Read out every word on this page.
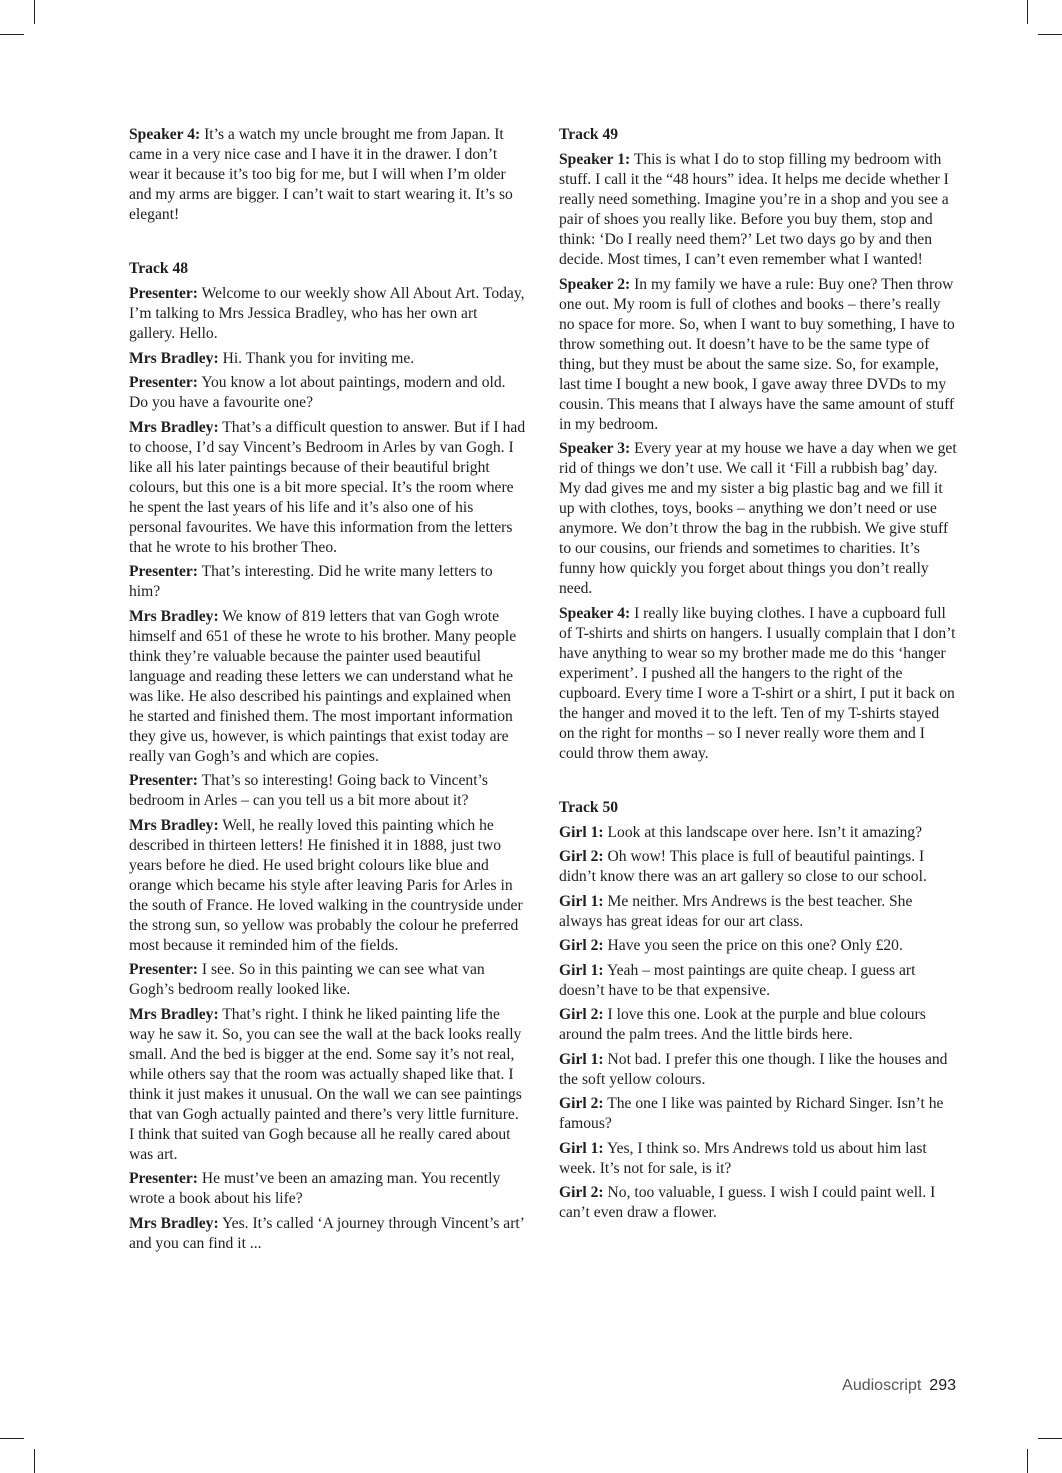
Speaker 4: It’s a watch my uncle brought me from Japan. It came in a very nice case and I have it in the drawer. I don’t wear it because it’s too big for me, but I will when I’m older and my arms are bigger. I can’t wait to start wearing it. It’s so elegant!

Track 48

Presenter: Welcome to our weekly show All About Art. Today, I’m talking to Mrs Jessica Bradley, who has her own art gallery. Hello.

Mrs Bradley: Hi. Thank you for inviting me.

Presenter: You know a lot about paintings, modern and old. Do you have a favourite one?

Mrs Bradley: That’s a difficult question to answer. But if I had to choose, I’d say Vincent’s Bedroom in Arles by van Gogh. I like all his later paintings because of their beautiful bright colours, but this one is a bit more special. It’s the room where he spent the last years of his life and it’s also one of his personal favourites. We have this information from the letters that he wrote to his brother Theo.

Presenter: That’s interesting. Did he write many letters to him?

Mrs Bradley: We know of 819 letters that van Gogh wrote himself and 651 of these he wrote to his brother. Many people think they’re valuable because the painter used beautiful language and reading these letters we can understand what he was like. He also described his paintings and explained when he started and finished them. The most important information they give us, however, is which paintings that exist today are really van Gogh’s and which are copies.

Presenter: That’s so interesting! Going back to Vincent’s bedroom in Arles – can you tell us a bit more about it?

Mrs Bradley: Well, he really loved this painting which he described in thirteen letters! He finished it in 1888, just two years before he died. He used bright colours like blue and orange which became his style after leaving Paris for Arles in the south of France. He loved walking in the countryside under the strong sun, so yellow was probably the colour he preferred most because it reminded him of the fields.

Presenter: I see. So in this painting we can see what van Gogh’s bedroom really looked like.

Mrs Bradley: That’s right. I think he liked painting life the way he saw it. So, you can see the wall at the back looks really small. And the bed is bigger at the end. Some say it’s not real, while others say that the room was actually shaped like that. I think it just makes it unusual. On the wall we can see paintings that van Gogh actually painted and there’s very little furniture. I think that suited van Gogh because all he really cared about was art.

Presenter: He must’ve been an amazing man. You recently wrote a book about his life?

Mrs Bradley: Yes. It’s called ‘A journey through Vincent’s art’ and you can find it ...

Track 49

Speaker 1: This is what I do to stop filling my bedroom with stuff. I call it the “48 hours” idea. It helps me decide whether I really need something. Imagine you’re in a shop and you see a pair of shoes you really like. Before you buy them, stop and think: ‘Do I really need them?’ Let two days go by and then decide. Most times, I can’t even remember what I wanted!

Speaker 2: In my family we have a rule: Buy one? Then throw one out. My room is full of clothes and books – there’s really no space for more. So, when I want to buy something, I have to throw something out. It doesn’t have to be the same type of thing, but they must be about the same size. So, for example, last time I bought a new book, I gave away three DVDs to my cousin. This means that I always have the same amount of stuff in my bedroom.

Speaker 3: Every year at my house we have a day when we get rid of things we don’t use. We call it ‘Fill a rubbish bag’ day. My dad gives me and my sister a big plastic bag and we fill it up with clothes, toys, books – anything we don’t need or use anymore. We don’t throw the bag in the rubbish. We give stuff to our cousins, our friends and sometimes to charities. It’s funny how quickly you forget about things you don’t really need.

Speaker 4: I really like buying clothes. I have a cupboard full of T-shirts and shirts on hangers. I usually complain that I don’t have anything to wear so my brother made me do this ‘hanger experiment’. I pushed all the hangers to the right of the cupboard. Every time I wore a T-shirt or a shirt, I put it back on the hanger and moved it to the left. Ten of my T-shirts stayed on the right for months – so I never really wore them and I could throw them away.

Track 50

Girl 1: Look at this landscape over here. Isn’t it amazing?

Girl 2: Oh wow! This place is full of beautiful paintings. I didn’t know there was an art gallery so close to our school.

Girl 1: Me neither. Mrs Andrews is the best teacher. She always has great ideas for our art class.

Girl 2: Have you seen the price on this one? Only £20.

Girl 1: Yeah – most paintings are quite cheap. I guess art doesn’t have to be that expensive.

Girl 2: I love this one. Look at the purple and blue colours around the palm trees. And the little birds here.

Girl 1: Not bad. I prefer this one though. I like the houses and the soft yellow colours.

Girl 2: The one I like was painted by Richard Singer. Isn’t he famous?

Girl 1: Yes, I think so. Mrs Andrews told us about him last week. It’s not for sale, is it?

Girl 2: No, too valuable, I guess. I wish I could paint well. I can’t even draw a flower.

Audioscript 293
